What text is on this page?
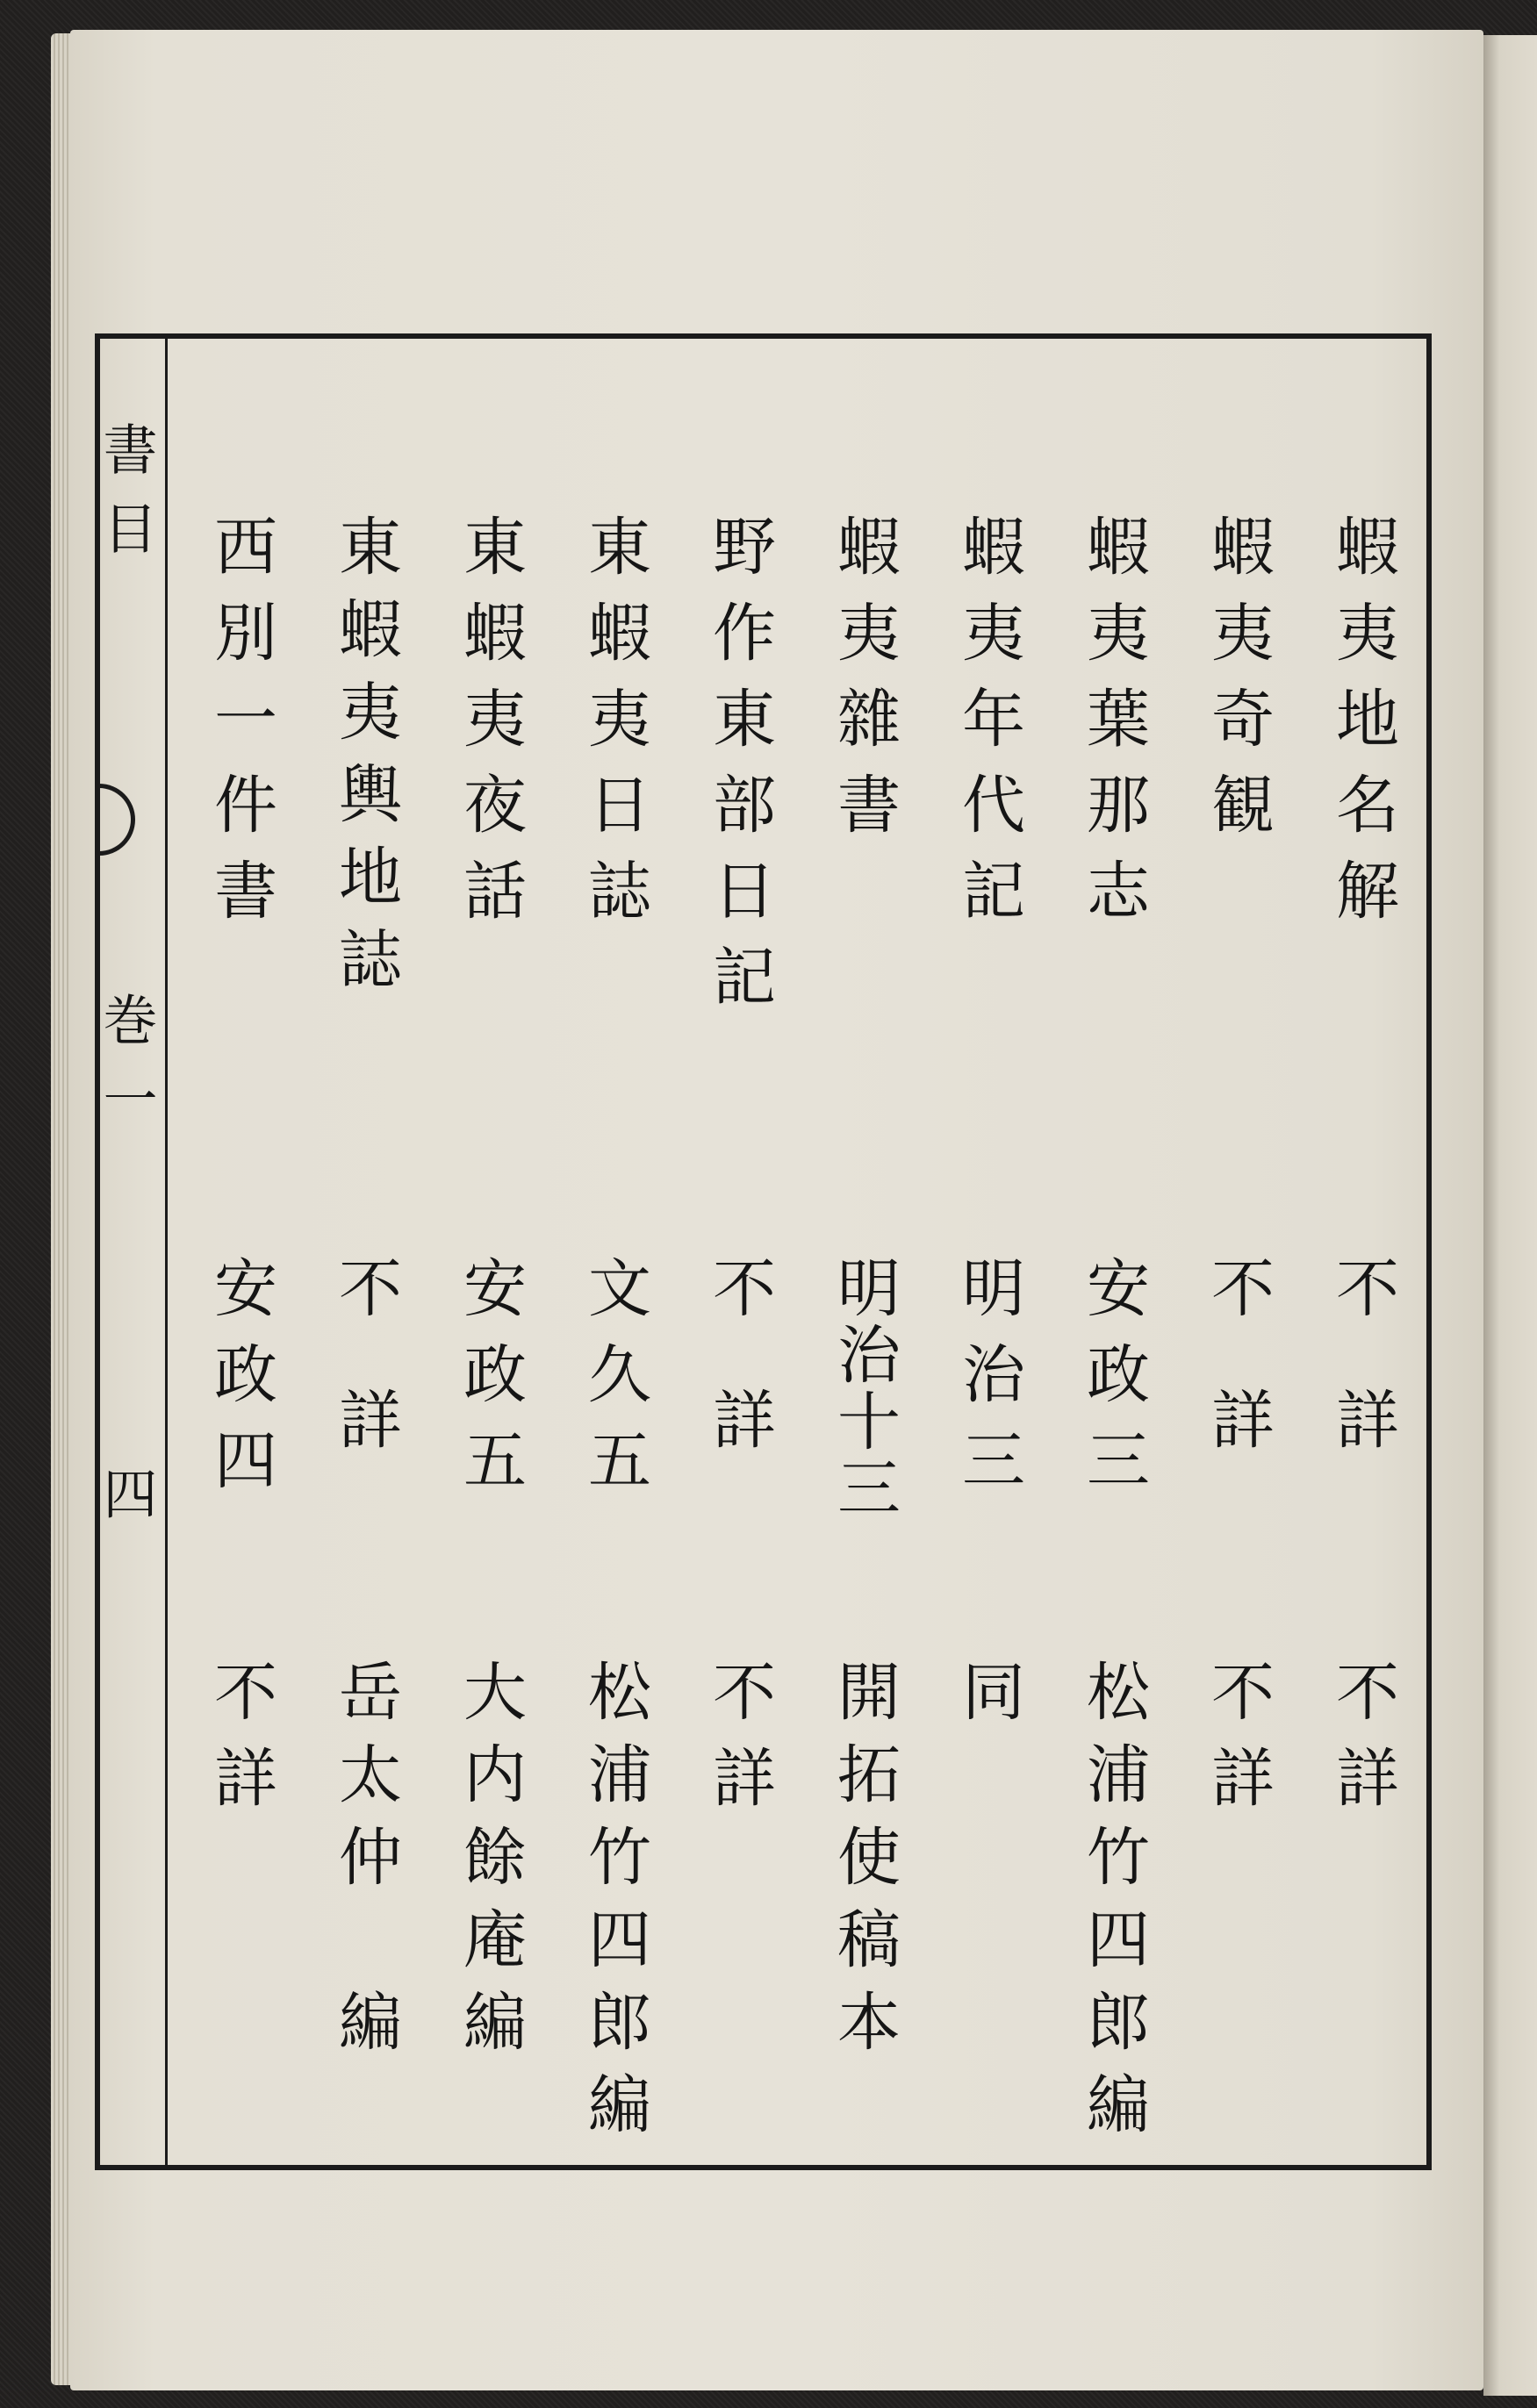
書目
巻一
四
蝦夷地名解
不詳
不詳
蝦夷奇観
不詳
不詳
蝦夷葉那志
安政三
松浦竹四郎編
蝦夷年代記
明治三
同
蝦夷雜書
明治十三
開拓使稿本
野作東部日記
不詳
不詳
東蝦夷日誌
文久五
松浦竹四郎編
東蝦夷夜話
安政五
大内餘庵編
東蝦夷輿地誌
不詳
岳太仲　編
西別一件書
安政四
不詳
